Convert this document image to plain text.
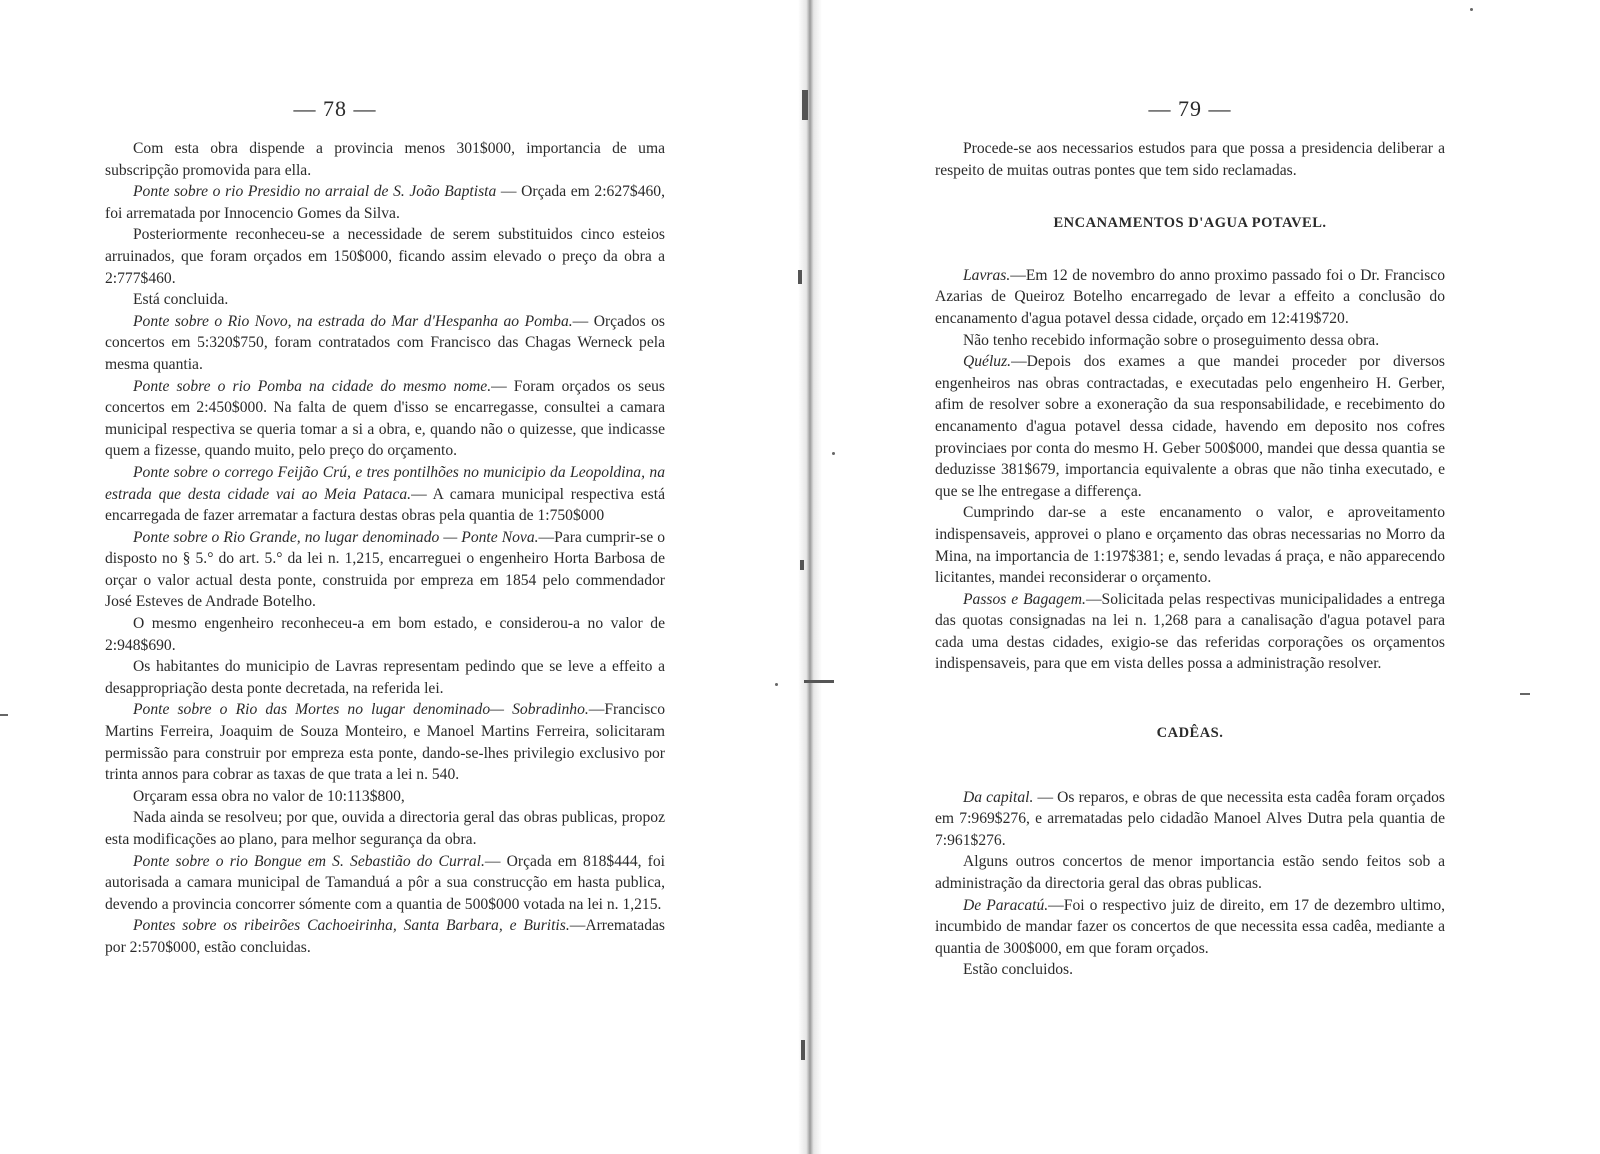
— 78 —

Com esta obra dispende a provincia menos 301$000, importancia de uma subscripção promovida para ella.

Ponte sobre o rio Presidio no arraial de S. João Baptista — Orçada em 2:627$460, foi arrematada por Innocencio Gomes da Silva.

Posteriormente reconheceu-se a necessidade de serem substituidos cinco esteios arruinados, que foram orçados em 150$000, ficando assim elevado o preço da obra a 2:777$460.

Está concluida.

Ponte sobre o Rio Novo, na estrada do Mar d'Hespanha ao Pomba.— Orçados os concertos em 5:320$750, foram contratados com Francisco das Chagas Werneck pela mesma quantia.

Ponte sobre o rio Pomba na cidade do mesmo nome.— Foram orçados os seus concertos em 2:450$000. Na falta de quem d'isso se encarregasse, consultei a camara municipal respectiva se queria tomar a si a obra, e, quando não o quizesse, que indicasse quem a fizesse, quando muito, pelo preço do orçamento.

Ponte sobre o corrego Feijão Crú, e tres pontilhões no municipio da Leopoldina, na estrada que desta cidade vai ao Meia Pataca.— A camara municipal respectiva está encarregada de fazer arrematar a factura destas obras pela quantia de 1:750$000

Ponte sobre o Rio Grande, no lugar denominado — Ponte Nova.—Para cumprir-se o disposto no § 5.° do art. 5.° da lei n. 1,215, encarreguei o engenheiro Horta Barbosa de orçar o valor actual desta ponte, construida por empreza em 1854 pelo commendador José Esteves de Andrade Botelho.

O mesmo engenheiro reconheceu-a em bom estado, e considerou-a no valor de 2:948$690.

Os habitantes do municipio de Lavras representam pedindo que se leve a effeito a desappropriação desta ponte decretada, na referida lei.

Ponte sobre o Rio das Mortes no lugar denominado— Sobradinho.—Francisco Martins Ferreira, Joaquim de Souza Monteiro, e Manoel Martins Ferreira, solicitaram permissão para construir por empreza esta ponte, dando-se-lhes privilegio exclusivo por trinta annos para cobrar as taxas de que trata a lei n. 540.

Orçaram essa obra no valor de 10:113$800,

Nada ainda se resolveu; por que, ouvida a directoria geral das obras publicas, propoz esta modificações ao plano, para melhor segurança da obra.

Ponte sobre o rio Bongue em S. Sebastião do Curral.— Orçada em 818$444, foi autorisada a camara municipal de Tamanduá a pôr a sua construcção em hasta publica, devendo a provincia concorrer sómente com a quantia de 500$000 votada na lei n. 1,215.

Pontes sobre os ribeirões Cachoeirinha, Santa Barbara, e Buritis.—Arrematadas por 2:570$000, estão concluidas.

— 79 —

Procede-se aos necessarios estudos para que possa a presidencia deliberar a respeito de muitas outras pontes que tem sido reclamadas.

ENCANAMENTOS D'AGUA POTAVEL.

Lavras.—Em 12 de novembro do anno proximo passado foi o Dr. Francisco Azarias de Queiroz Botelho encarregado de levar a effeito a conclusão do encanamento d'agua potavel dessa cidade, orçado em 12:419$720.

Não tenho recebido informação sobre o proseguimento dessa obra.

Quéluz.—Depois dos exames a que mandei proceder por diversos engenheiros nas obras contractadas, e executadas pelo engenheiro H. Gerber, afim de resolver sobre a exoneração da sua responsabilidade, e recebimento do encanamento d'agua potavel dessa cidade, havendo em deposito nos cofres provinciaes por conta do mesmo H. Geber 500$000, mandei que dessa quantia se deduzisse 381$679, importancia equivalente a obras que não tinha executado, e que se lhe entregase a differença.

Cumprindo dar-se a este encanamento o valor, e aproveitamento indispensaveis, approvei o plano e orçamento das obras necessarias no Morro da Mina, na importancia de 1:197$381; e, sendo levadas á praça, e não apparecendo licitantes, mandei reconsiderar o orçamento.

Passos e Bagagem.—Solicitada pelas respectivas municipalidades a entrega das quotas consignadas na lei n. 1,268 para a canalisação d'agua potavel para cada uma destas cidades, exigio-se das referidas corporações os orçamentos indispensaveis, para que em vista delles possa a administração resolver.

CADÊAS.

Da capital. — Os reparos, e obras de que necessita esta cadêa foram orçados em 7:969$276, e arrematadas pelo cidadão Manoel Alves Dutra pela quantia de 7:961$276.

Alguns outros concertos de menor importancia estão sendo feitos sob a administração da directoria geral das obras publicas.

De Paracatú.—Foi o respectivo juiz de direito, em 17 de dezembro ultimo, incumbido de mandar fazer os concertos de que necessita essa cadêa, mediante a quantia de 300$000, em que foram orçados.

Estão concluidos.
